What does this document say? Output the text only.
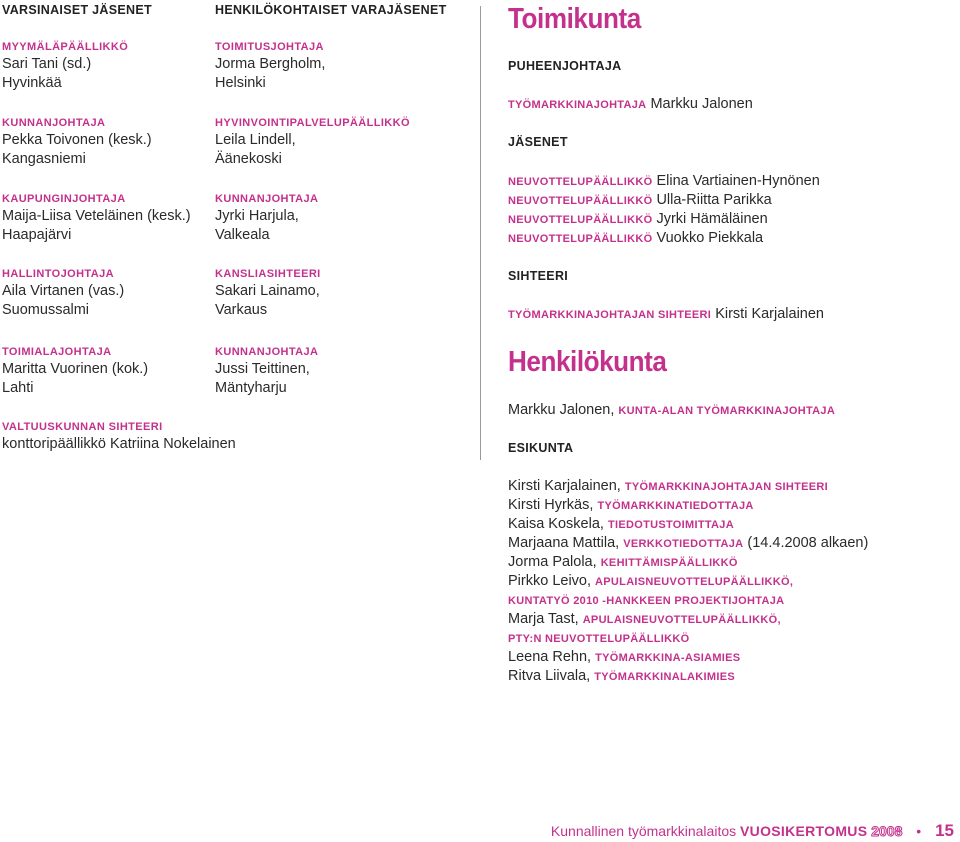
VARSINAISET JÄSENET
MYYMÄLÄPÄÄLLIKKÖ
Sari Tani (sd.)
Hyvinkää
KUNNANJOHTAJA
Pekka Toivonen (kesk.)
Kangasniemi
KAUPUNGINJOHTAJA
Maija-Liisa Veteläinen (kesk.)
Haapajärvi
HALLINTOJOHTAJA
Aila Virtanen (vas.)
Suomussalmi
TOIMIALAJOHTAJA
Maritta Vuorinen (kok.)
Lahti
VALTUUSKUNNAN SIHTEERI
konttoripäällikkö Katriina Nokelainen
HENKILÖKOHTAISET VARAJÄSENET
TOIMITUSJOHTAJA
Jorma Bergholm,
Helsinki
HYVINVOINTIPALVELUPÄÄLLIKKÖ
Leila Lindell,
Äänekoski
KUNNANJOHTAJA
Jyrki Harjula,
Valkeala
KANSLIASIHTEERI
Sakari Lainamo,
Varkaus
KUNNANJOHTAJA
Jussi Teittinen,
Mäntyharju
Toimikunta
PUHEENJOHTAJA
TYÖMARKKINAJOHTAJA Markku Jalonen
JÄSENET
NEUVOTTELUPÄÄLLIKKÖ Elina Vartiainen-Hynönen
NEUVOTTELUPÄÄLLIKKÖ Ulla-Riitta Parikka
NEUVOTTELUPÄÄLLIKKÖ Jyrki Hämäläinen
NEUVOTTELUPÄÄLLIKKÖ Vuokko Piekkala
SIHTEERI
TYÖMARKKINAJOHTAJAN SIHTEERI Kirsti Karjalainen
Henkilökunta
Markku Jalonen, KUNTA-ALAN TYÖMARKKINAJOHTAJA
ESIKUNTA
Kirsti Karjalainen, TYÖMARKKINAJOHTAJAN SIHTEERI
Kirsti Hyrkäs, TYÖMARKKINATIEDOTTAJA
Kaisa Koskela, TIEDOTUSTOIMITTAJA
Marjaana Mattila, VERKKOTIEDOTTAJA (14.4.2008 alkaen)
Jorma Palola, KEHITTÄMISPÄÄLLIKKÖ
Pirkko Leivo, APULAISNEUVOTTELUPÄÄLLIKKÖ,
KUNTATYÖ 2010 -HANKKEEN PROJEKTIJOHTAJA
Marja Tast, APULAISNEUVOTTELUPÄÄLLIKKÖ,
PTY:N NEUVOTTELUPÄÄLLIKKÖ
Leena Rehn, TYÖMARKKINA-ASIAMIES
Ritva Liivala, TYÖMARKKINALAKIMIES
Kunnallinen työmarkkinalaitos VUOSIKERTOMUS 2008 • 15
